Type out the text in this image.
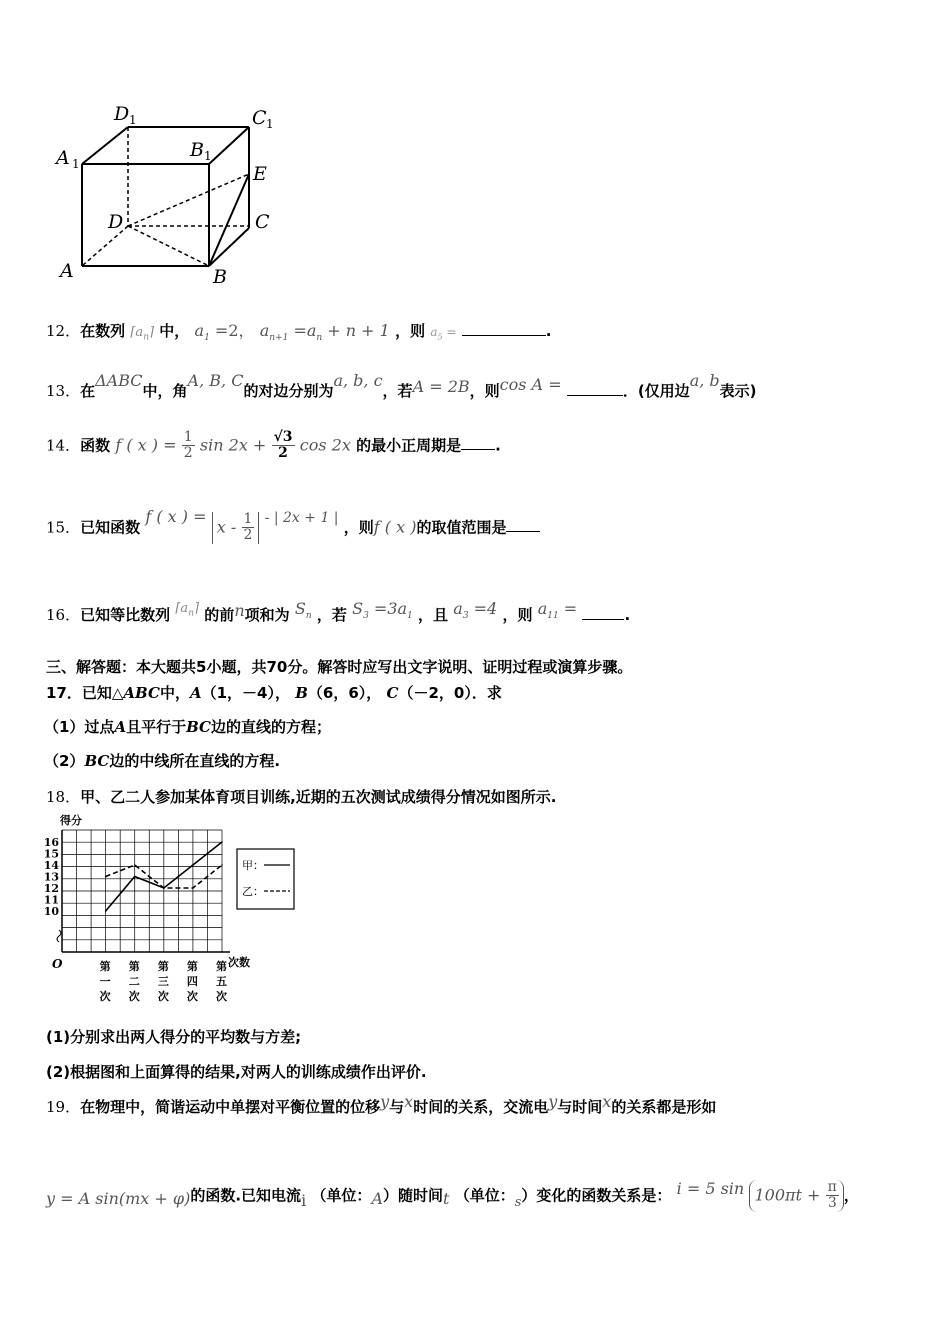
D 1	C 1
A 1
B 1
E
D	C
A	B
12．在数列 $⌈a_n⌉$ 中， $a_1 =2$， $a_{n+1} =a_n + n + 1$ ，则 $a_5$ =	.
13．在ΔABC中，角A, B, C的对边分别为a, b, c，若A = 2B，则cos A =	．(仅用边a, b表示)
14．函数 f ( x ) = $\frac{1}{2}$ $\sin 2x + \frac{√3}{2}$ cos 2x 的最小正周期是 .
15．已知函数 f ( x ) = x - $\frac{1}{2}$ - | 2x + 1 | ，则f ( x )的取值范围是
16．已知等比数列 $⌈a_n⌉$ 的前n项和为 $S_n$ ，若 $S_3 =3a_1$ ，且 $a_3 =4$ ，则 $a_{11}$ =	.
三、解答题：本大题共5小题，共70分。解答时应写出文字说明、证明过程或演算步骤。
17．已知△ABC中，A（1，－4）， B（6，6）， C（－2，0）．求
（1）过点A且平行于BC边的直线的方程；
（2）BC边的中线所在直线的方程.
18．甲、乙二人参加某体育项目训练,近期的五次测试成绩得分情况如图所示.
得分
次数
O
16
15
14
13
12
11
10
第
一
次
第
二
次
第
三
次
第
四
次
第
五
次
甲：
乙：
(1)分别求出两人得分的平均数与方差;
(2)根据图和上面算得的结果,对两人的训练成绩作出评价.
19．在物理中，简谐运动中单摆对平衡位置的位移y与x时间的关系，交流电y与时间x的关系都是形如
y = A sin(mx + φ)的函数.已知电流i （单位：A）随时间t （单位：s）变化的函数关系是： i = 5 $\sin 100\pi t + \frac{\pi}{3}$ ，
